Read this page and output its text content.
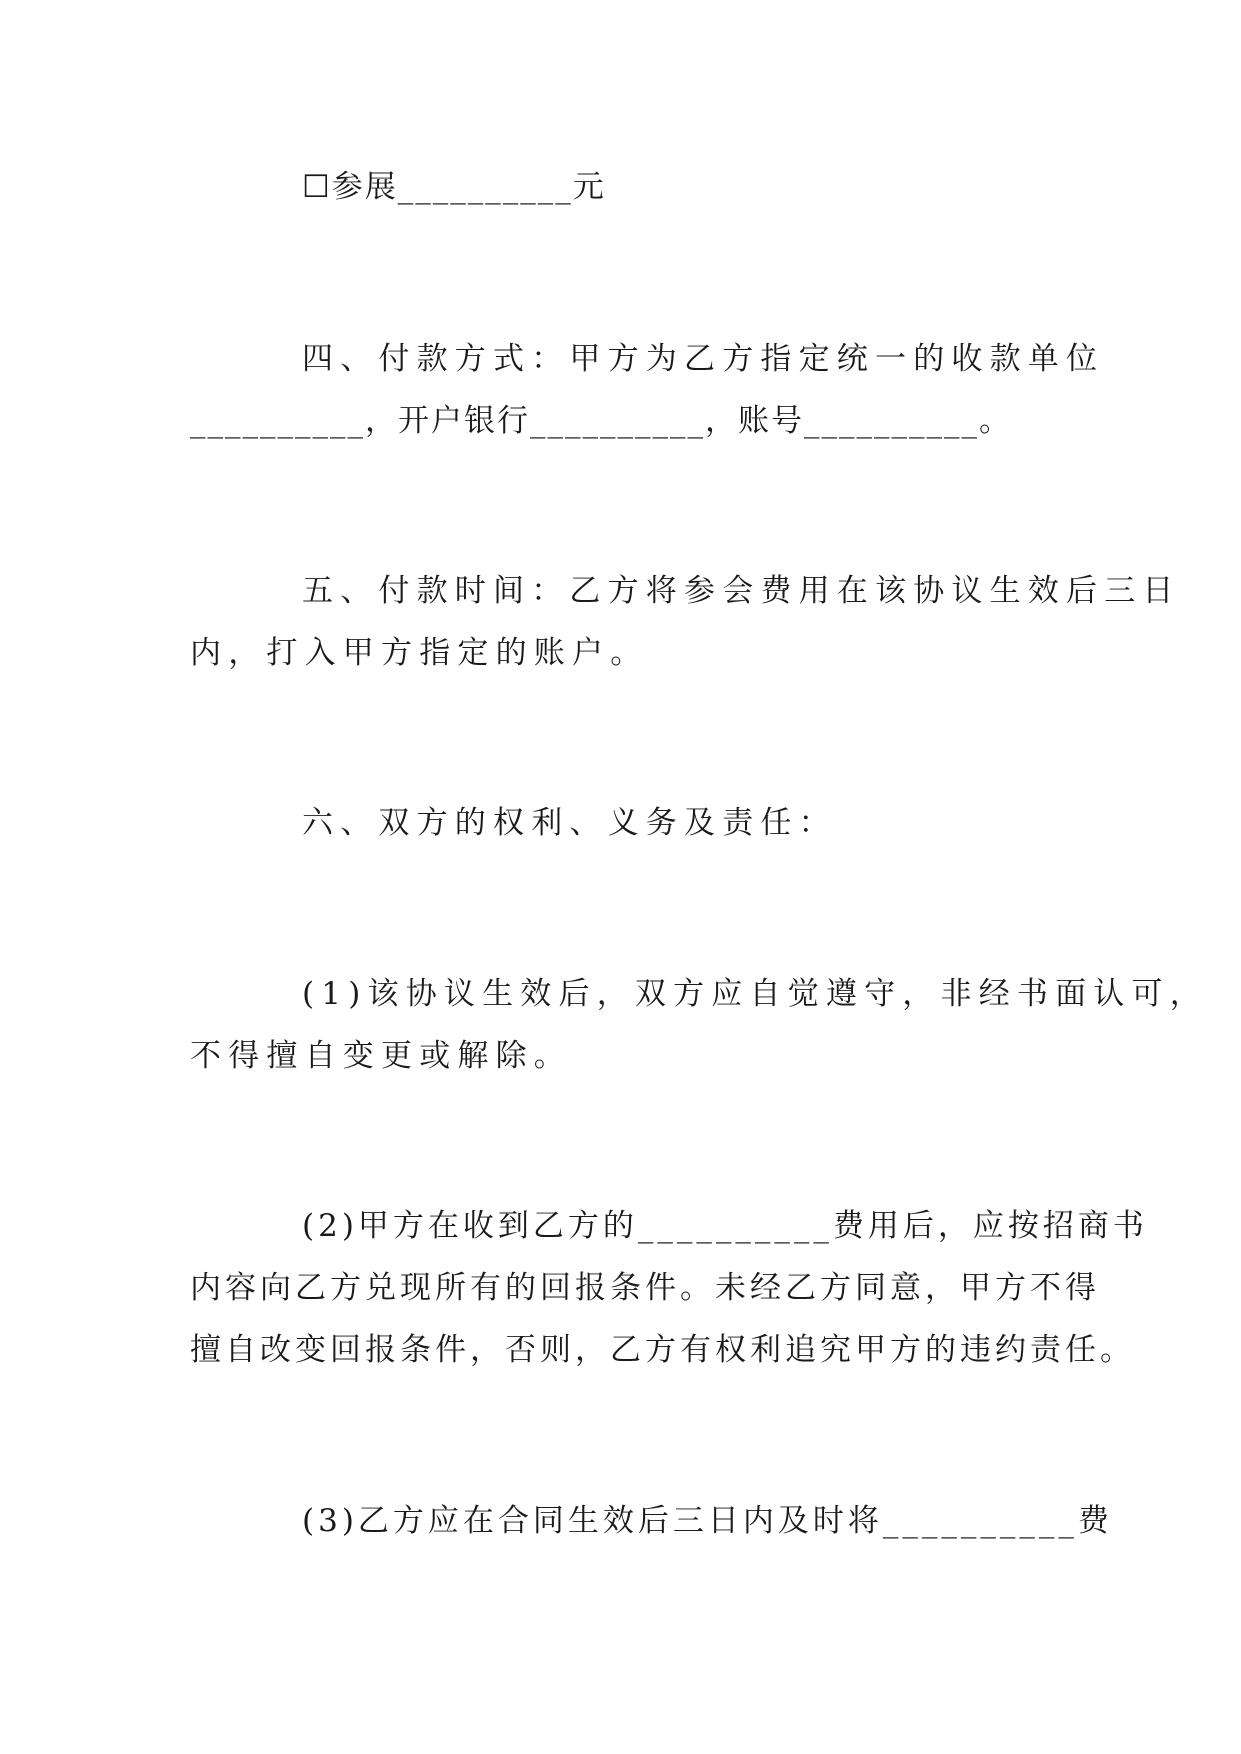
☐参展__________元
四、付款方式：甲方为乙方指定统一的收款单位
__________，开户银行__________，账号__________。
五、付款时间：乙方将参会费用在该协议生效后三日
内，打入甲方指定的账户。
六、双方的权利、义务及责任：
(1)该协议生效后，双方应自觉遵守，非经书面认可，
不得擅自变更或解除。
(2)甲方在收到乙方的__________费用后，应按招商书
内容向乙方兑现所有的回报条件。未经乙方同意，甲方不得
擅自改变回报条件，否则，乙方有权利追究甲方的违约责任。
(3)乙方应在合同生效后三日内及时将__________费
